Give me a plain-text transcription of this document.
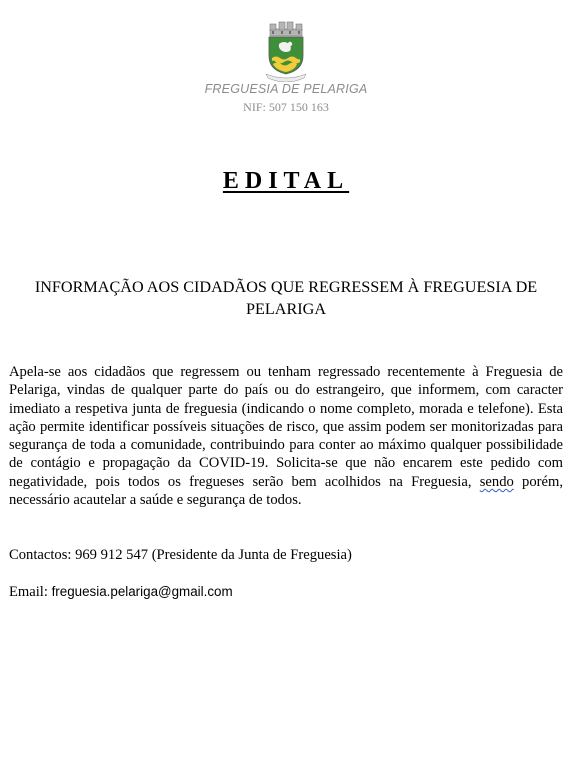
FREGUESIA DE PELARIGA
NIF: 507 150 163
EDITAL
INFORMAÇÃO AOS CIDADÃOS QUE REGRESSEM À FREGUESIA DE PELARIGA

Apela-se aos cidadãos que regressem ou tenham regressado recentemente à Freguesia de Pelariga, vindas de qualquer parte do país ou do estrangeiro, que informem, com caracter imediato a respetiva junta de freguesia (indicando o nome completo, morada e telefone). Esta ação permite identificar possíveis situações de risco, que assim podem ser monitorizadas para segurança de toda a comunidade, contribuindo para conter ao máximo qualquer possibilidade de contágio e propagação da COVID-19. Solicita-se que não encarem este pedido com negatividade, pois todos os fregueses serão bem acolhidos na Freguesia, sendo porém, necessário acautelar a saúde e segurança de todos.

Contactos: 969 912 547 (Presidente da Junta de Freguesia)
Email: freguesia.pelariga@gmail.com
